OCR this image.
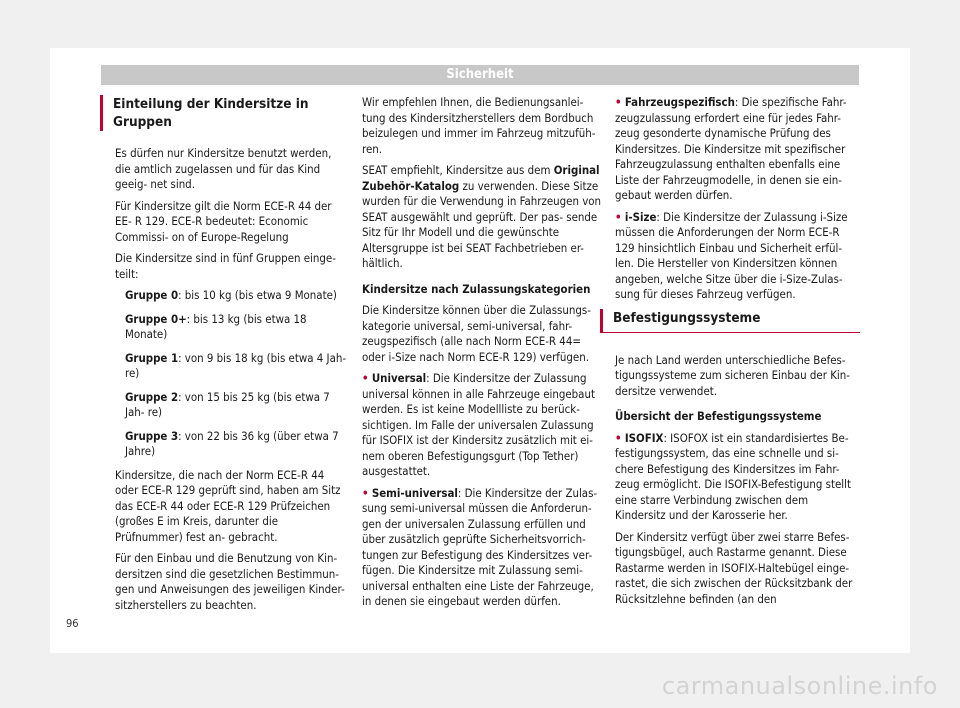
Sicherheit
Einteilung der Kindersitze in Gruppen

Es dürfen nur Kindersitze benutzt werden, die amtlich zugelassen und für das Kind geeig- net sind.

Für Kindersitze gilt die Norm ECE-R 44 der EE- R 129. ECE-R bedeutet: Economic Commissi- on of Europe-Regelung

Die Kindersitze sind in fünf Gruppen einge- teilt:

Gruppe 0: bis 10 kg (bis etwa 9 Monate)

Gruppe 0+: bis 13 kg (bis etwa 18 Monate)

Gruppe 1: von 9 bis 18 kg (bis etwa 4 Jah- re)

Gruppe 2: von 15 bis 25 kg (bis etwa 7 Jah- re)

Gruppe 3: von 22 bis 36 kg (über etwa 7 Jahre)

Kindersitze, die nach der Norm ECE-R 44 oder ECE-R 129 geprüft sind, haben am Sitz das ECE-R 44 oder ECE-R 129 Prüfzeichen (großes E im Kreis, darunter die Prüfnummer) fest an- gebracht.

Für den Einbau und die Benutzung von Kin- dersitzen sind die gesetzlichen Bestimmun- gen und Anweisungen des jeweiligen Kinder- sitzherstellers zu beachten.

Wir empfehlen Ihnen, die Bedienungsanlei- tung des Kindersitzherstellers dem Bordbuch beizulegen und immer im Fahrzeug mitzufüh- ren.

SEAT empfiehlt, Kindersitze aus dem Original Zubehör-Katalog zu verwenden. Diese Sitze wurden für die Verwendung in Fahrzeugen von SEAT ausgewählt und geprüft. Der pas- sende Sitz für Ihr Modell und die gewünschte Altersgruppe ist bei SEAT Fachbetrieben er- hältlich.

Kindersitze nach Zulassungskategorien

Die Kindersitze können über die Zulassungs- kategorie universal, semi-universal, fahr- zeugspezifisch (alle nach Norm ECE-R 44= oder i-Size nach Norm ECE-R 129) verfügen.

• Universal: Die Kindersitze der Zulassung universal können in alle Fahrzeuge eingebaut werden. Es ist keine Modellliste zu berück- sichtigen. Im Falle der universalen Zulassung für ISOFIX ist der Kindersitz zusätzlich mit ei- nem oberen Befestigungsgurt (Top Tether) ausgestattet.

• Semi-universal: Die Kindersitze der Zulas- sung semi-universal müssen die Anforderun- gen der universalen Zulassung erfüllen und über zusätzlich geprüfte Sicherheitsvorrich- tungen zur Befestigung des Kindersitzes ver- fügen. Die Kindersitze mit Zulassung semi- universal enthalten eine Liste der Fahrzeuge, in denen sie eingebaut werden dürfen.

• Fahrzeugspezifisch: Die spezifische Fahr- zeugzulassung erfordert eine für jedes Fahr- zeug gesonderte dynamische Prüfung des Kindersitzes. Die Kindersitze mit spezifischer Fahrzeugzulassung enthalten ebenfalls eine Liste der Fahrzeugmodelle, in denen sie ein- gebaut werden dürfen.

• i-Size: Die Kindersitze der Zulassung i-Size müssen die Anforderungen der Norm ECE-R 129 hinsichtlich Einbau und Sicherheit erfül- len. Die Hersteller von Kindersitzen können angeben, welche Sitze über die i-Size-Zulas- sung für dieses Fahrzeug verfügen.

Befestigungssysteme

Je nach Land werden unterschiedliche Befes- tigungssysteme zum sicheren Einbau der Kin- dersitze verwendet.

Übersicht der Befestigungssysteme

• ISOFIX: ISOFOX ist ein standardisiertes Be- festigungssystem, das eine schnelle und si- chere Befestigung des Kindersitzes im Fahr- zeug ermöglicht. Die ISOFIX-Befestigung stellt eine starre Verbindung zwischen dem Kindersitz und der Karosserie her.

Der Kindersitz verfügt über zwei starre Befes- tigungsbügel, auch Rastarme genannt. Diese Rastarme werden in ISOFIX-Haltebügel einge- rastet, die sich zwischen der Rücksitzbank der Rücksitzlehne befinden (an den

96
carmanualsonline.info
